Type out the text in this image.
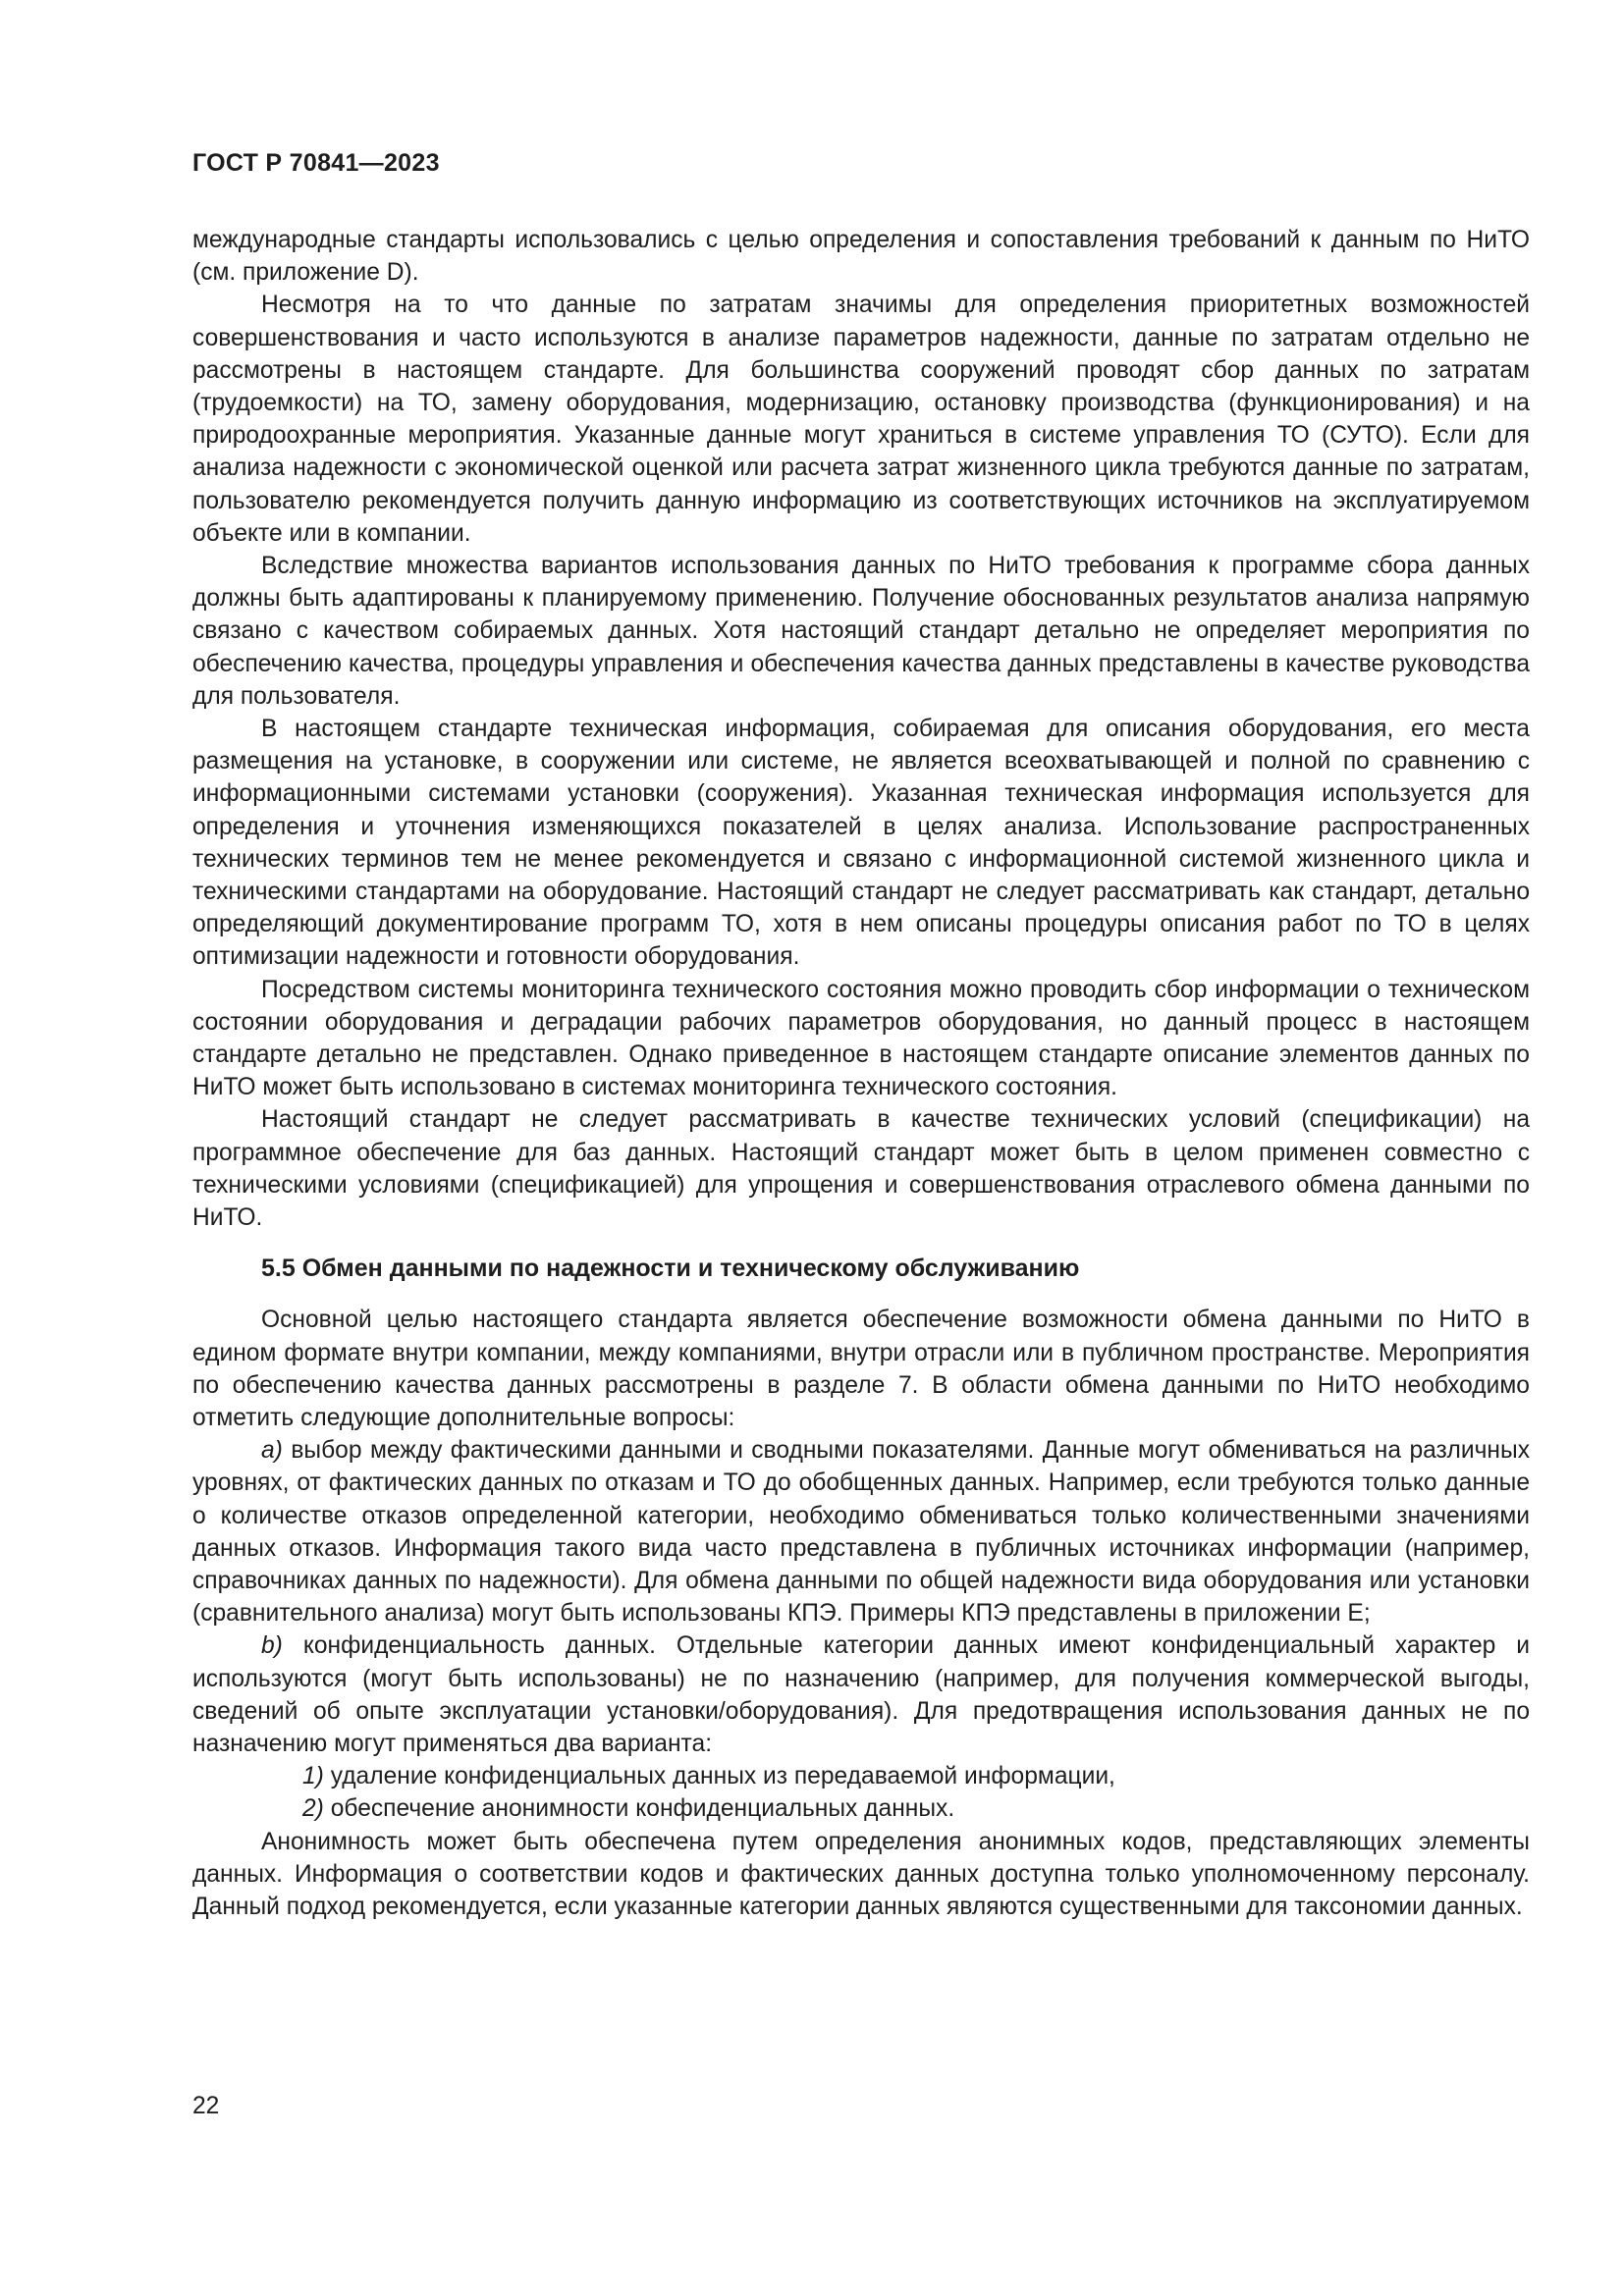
ГОСТ Р 70841—2023

международные стандарты использовались с целью определения и сопоставления требований к данным по НиТО (см. приложение D).

Несмотря на то что данные по затратам значимы для определения приоритетных возможностей совершенствования и часто используются в анализе параметров надежности, данные по затратам отдельно не рассмотрены в настоящем стандарте. Для большинства сооружений проводят сбор данных по затратам (трудоемкости) на ТО, замену оборудования, модернизацию, остановку производства (функционирования) и на природоохранные мероприятия. Указанные данные могут храниться в системе управления ТО (СУТО). Если для анализа надежности с экономической оценкой или расчета затрат жизненного цикла требуются данные по затратам, пользователю рекомендуется получить данную информацию из соответствующих источников на эксплуатируемом объекте или в компании.

Вследствие множества вариантов использования данных по НиТО требования к программе сбора данных должны быть адаптированы к планируемому применению. Получение обоснованных результатов анализа напрямую связано с качеством собираемых данных. Хотя настоящий стандарт детально не определяет мероприятия по обеспечению качества, процедуры управления и обеспечения качества данных представлены в качестве руководства для пользователя.

В настоящем стандарте техническая информация, собираемая для описания оборудования, его места размещения на установке, в сооружении или системе, не является всеохватывающей и полной по сравнению с информационными системами установки (сооружения). Указанная техническая информация используется для определения и уточнения изменяющихся показателей в целях анализа. Использование распространенных технических терминов тем не менее рекомендуется и связано с информационной системой жизненного цикла и техническими стандартами на оборудование. Настоящий стандарт не следует рассматривать как стандарт, детально определяющий документирование программ ТО, хотя в нем описаны процедуры описания работ по ТО в целях оптимизации надежности и готовности оборудования.

Посредством системы мониторинга технического состояния можно проводить сбор информации о техническом состоянии оборудования и деградации рабочих параметров оборудования, но данный процесс в настоящем стандарте детально не представлен. Однако приведенное в настоящем стандарте описание элементов данных по НиТО может быть использовано в системах мониторинга технического состояния.

Настоящий стандарт не следует рассматривать в качестве технических условий (спецификации) на программное обеспечение для баз данных. Настоящий стандарт может быть в целом применен совместно с техническими условиями (спецификацией) для упрощения и совершенствования отраслевого обмена данными по НиТО.

5.5 Обмен данными по надежности и техническому обслуживанию

Основной целью настоящего стандарта является обеспечение возможности обмена данными по НиТО в едином формате внутри компании, между компаниями, внутри отрасли или в публичном пространстве. Мероприятия по обеспечению качества данных рассмотрены в разделе 7. В области обмена данными по НиТО необходимо отметить следующие дополнительные вопросы:

a) выбор между фактическими данными и сводными показателями. Данные могут обмениваться на различных уровнях, от фактических данных по отказам и ТО до обобщенных данных. Например, если требуются только данные о количестве отказов определенной категории, необходимо обмениваться только количественными значениями данных отказов. Информация такого вида часто представлена в публичных источниках информации (например, справочниках данных по надежности). Для обмена данными по общей надежности вида оборудования или установки (сравнительного анализа) могут быть использованы КПЭ. Примеры КПЭ представлены в приложении Е;

b) конфиденциальность данных. Отдельные категории данных имеют конфиденциальный характер и используются (могут быть использованы) не по назначению (например, для получения коммерческой выгоды, сведений об опыте эксплуатации установки/оборудования). Для предотвращения использования данных не по назначению могут применяться два варианта:

1) удаление конфиденциальных данных из передаваемой информации,

2) обеспечение анонимности конфиденциальных данных.

Анонимность может быть обеспечена путем определения анонимных кодов, представляющих элементы данных. Информация о соответствии кодов и фактических данных доступна только уполномоченному персоналу. Данный подход рекомендуется, если указанные категории данных являются существенными для таксономии данных.

22
